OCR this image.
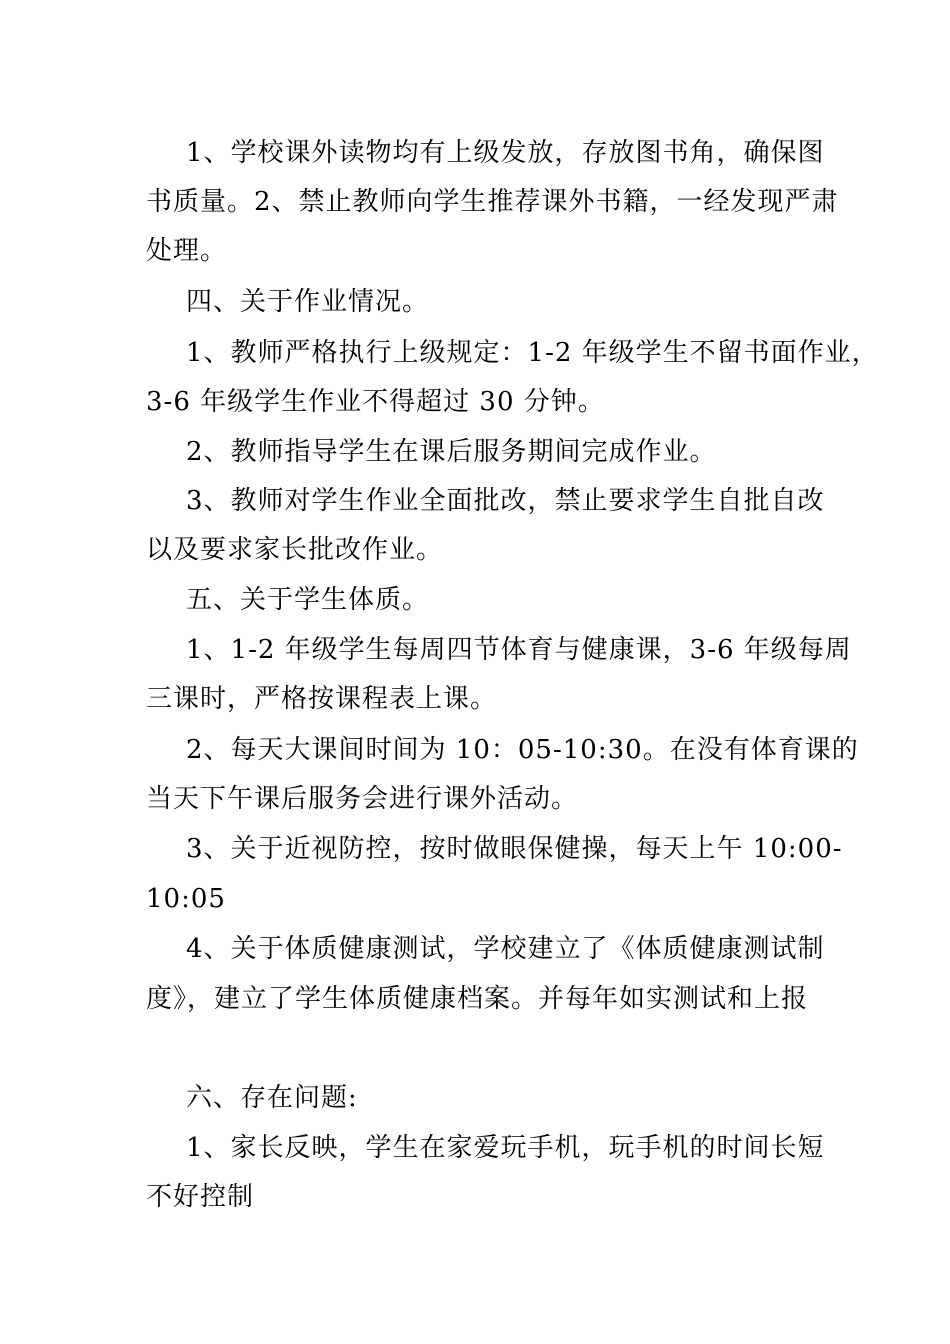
1、学校课外读物均有上级发放，存放图书角，确保图
书质量。2、禁止教师向学生推荐课外书籍，一经发现严肃
处理。
四、关于作业情况。
1、教师严格执行上级规定：1-2 年级学生不留书面作业，
3-6 年级学生作业不得超过 30 分钟。
2、教师指导学生在课后服务期间完成作业。
3、教师对学生作业全面批改，禁止要求学生自批自改
以及要求家长批改作业。
五、关于学生体质。
1、1-2 年级学生每周四节体育与健康课，3-6 年级每周
三课时，严格按课程表上课。
2、每天大课间时间为 10：05-10:30。在没有体育课的
当天下午课后服务会进行课外活动。
3、关于近视防控，按时做眼保健操，每天上午 10:00-
10:05
4、关于体质健康测试，学校建立了《体质健康测试制
度》，建立了学生体质健康档案。并每年如实测试和上报
六、存在问题:
1、家长反映，学生在家爱玩手机，玩手机的时间长短
不好控制
